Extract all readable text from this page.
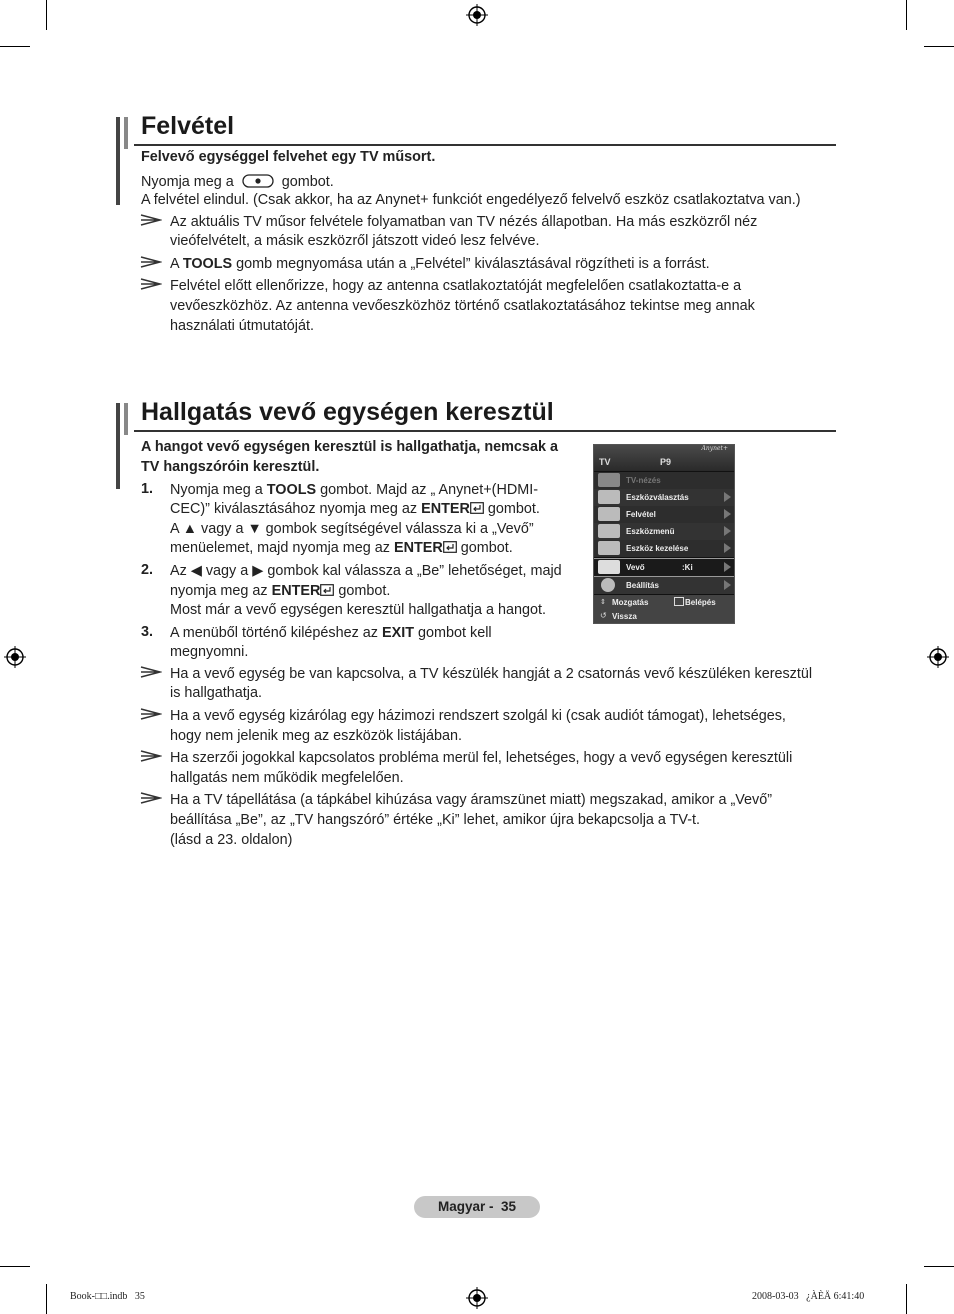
Felvétel
Felvevő egységgel felvehet egy TV műsort.
Nyomja meg a	gombot.
A felvétel elindul. (Csak akkor, ha az Anynet+ funkciót engedélyező felvelvő eszköz csatlakoztatva van.)
Az aktuális TV műsor felvétele folyamatban van TV nézés állapotban. Ha más eszközről néz
vieófelvételt, a másik eszközről játszott videó lesz felvéve.
A TOOLS gomb megnyomása után a „Felvétel” kiválasztásával rögzítheti is a forrást.
Felvétel előtt ellenőrizze, hogy az antenna csatlakoztatóját megfelelően csatlakoztatta-e a
vevőeszközhöz. Az antenna vevőeszközhöz történő csatlakoztatásához tekintse meg annak
használati útmutatóját.
Hallgatás vevő egységen keresztül
A hangot vevő egységen keresztül is hallgathatja, nemcsak a
TV hangszóróin keresztül.
1. Nyomja meg a TOOLS gombot. Majd az „ Anynet+(HDMI-
CEC)” kiválasztásához nyomja meg az ENTER gombot.
A ▲ vagy a ▼ gombok segítségével válassza ki a „Vevő”
menüelemet, majd nyomja meg az ENTER gombot.
2. Az ◀ vagy a ▶ gombok kal válassza a „Be” lehetőséget, majd
nyomja meg az ENTER gombot.
Most már a vevő egységen keresztül hallgathatja a hangot.
3. A menüből történő kilépéshez az EXIT gombot kell
megnyomni.
Ha a vevő egység be van kapcsolva, a TV készülék hangját a 2 csatornás vevő készüléken keresztül
is hallgathatja.
Ha a vevő egység kizárólag egy házimozi rendszert szolgál ki (csak audiót támogat), lehetséges,
hogy nem jelenik meg az eszközök listájában.
Ha szerzői jogokkal kapcsolatos probléma merül fel, lehetséges, hogy a vevő egységen keresztüli
hallgatás nem működik megfelelően.
Ha a TV tápellátása (a tápkábel kihúzása vagy áramszünet miatt) megszakad, amikor a „Vevő”
beállítása „Be”, az „TV hangszóró” értéke „Ki” lehet, amikor újra bekapcsolja a TV-t.
(lásd a 23. oldalon)
Anynet+
TV	P9
TV-nézés
Eszközválasztás
Felvétel
Eszközmenü
Eszköz kezelése
Vevő	:Ki
Beállítás
⇕ Mozgatás	Belépés
↺ Vissza
Magyar -  35
Book-□□.indb   35	2008-03-03   ¿ÀÈÄ 6:41:40
